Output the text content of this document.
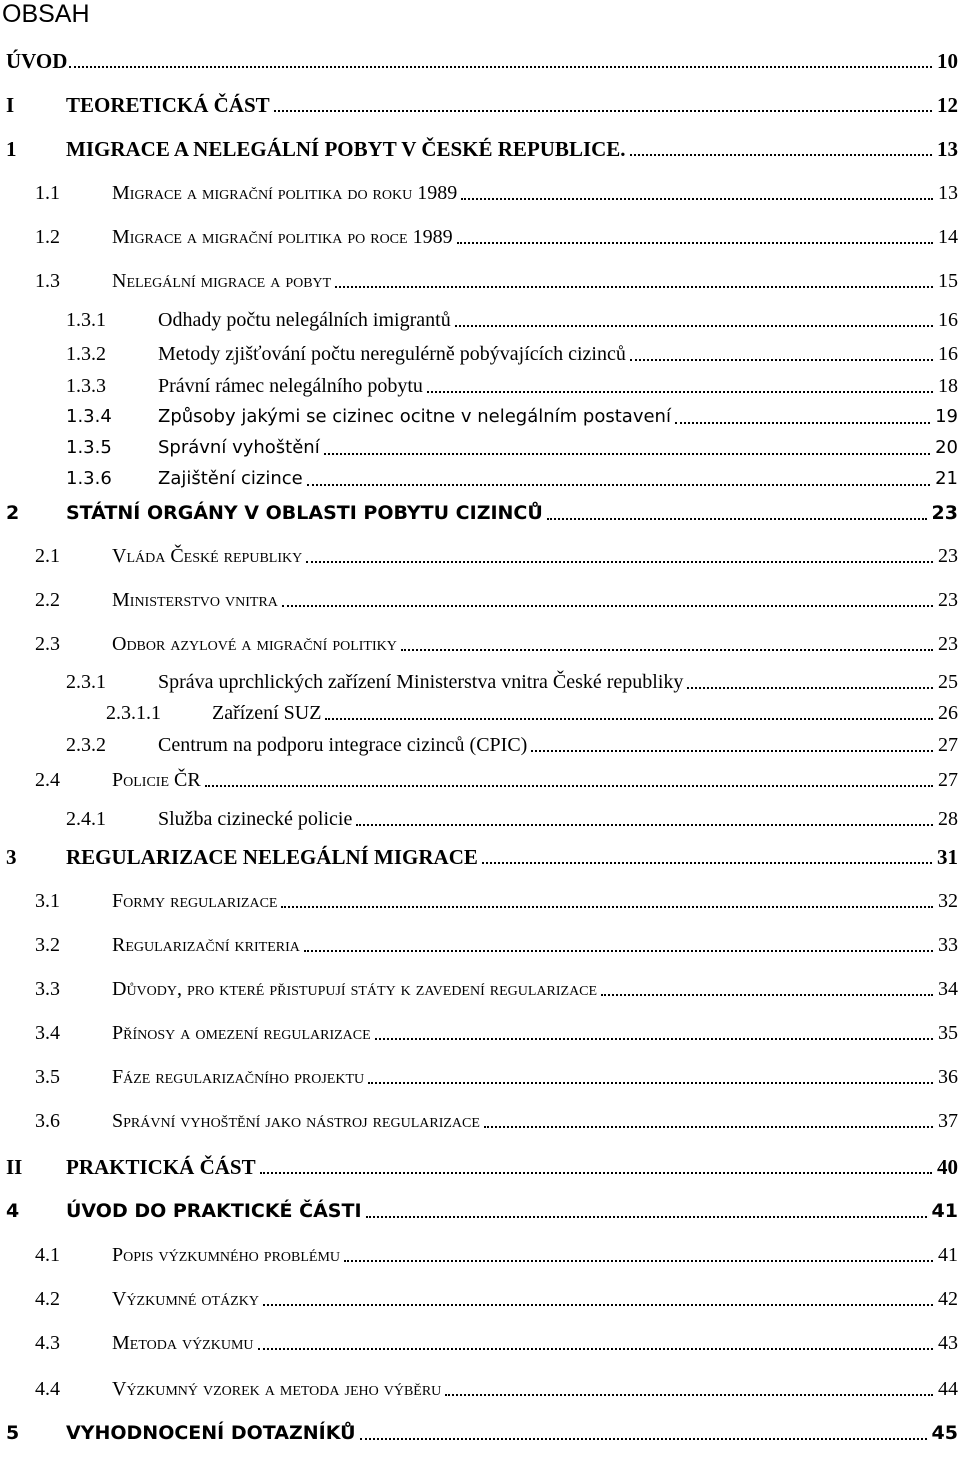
OBSAH
ÚVOD	10
I TEORETICKÁ ČÁST	12
1 MIGRACE A NELEGÁLNÍ POBYT V ČESKÉ REPUBLICE.	13
1.1	Migrace a migrační politika do roku 1989	13
1.2	Migrace a migrační politika po roce 1989	14
1.3	Nelegální migrace a pobyt	15
1.3.1	Odhady počtu nelegálních imigrantů	16
1.3.2	Metody zjišťování počtu neregulérně pobývajících cizinců	16
1.3.3	Právní rámec nelegálního pobytu	18
1.3.4	Způsoby jakými se cizinec ocitne v nelegálním postavení	19
1.3.5	Správní vyhoštění	20
1.3.6	Zajištění cizince	21
2 STÁTNÍ ORGÁNY V OBLASTI POBYTU CIZINCŮ	23
2.1	Vláda České republiky	23
2.2	Ministerstvo vnitra	23
2.3	Odbor azylové a migrační politiky	23
2.3.1	Správa uprchlických zařízení Ministerstva vnitra České republiky	25
2.3.1.1	Zařízení SUZ	26
2.3.2	Centrum na podporu integrace cizinců (CPIC)	27
2.4	Policie ČR	27
2.4.1	Služba cizinecké policie	28
3 REGULARIZACE NELEGÁLNÍ MIGRACE	31
3.1	Formy regularizace	32
3.2	Regularizační kriteria	33
3.3	Důvody, pro které přistupují státy k zavedení regularizace	34
3.4	Přínosy a omezení regularizace	35
3.5	Fáze regularizačního projektu	36
3.6	Správní vyhoštění jako nástroj regularizace	37
II PRAKTICKÁ ČÁST	40
4 ÚVOD DO PRAKTICKÉ ČÁSTI	41
4.1	Popis výzkumného problému	41
4.2	Výzkumné otázky	42
4.3	Metoda výzkumu	43
4.4	Výzkumný vzorek a metoda jeho výběru	44
5 VYHODNOCENÍ DOTAZNÍKŮ	45
